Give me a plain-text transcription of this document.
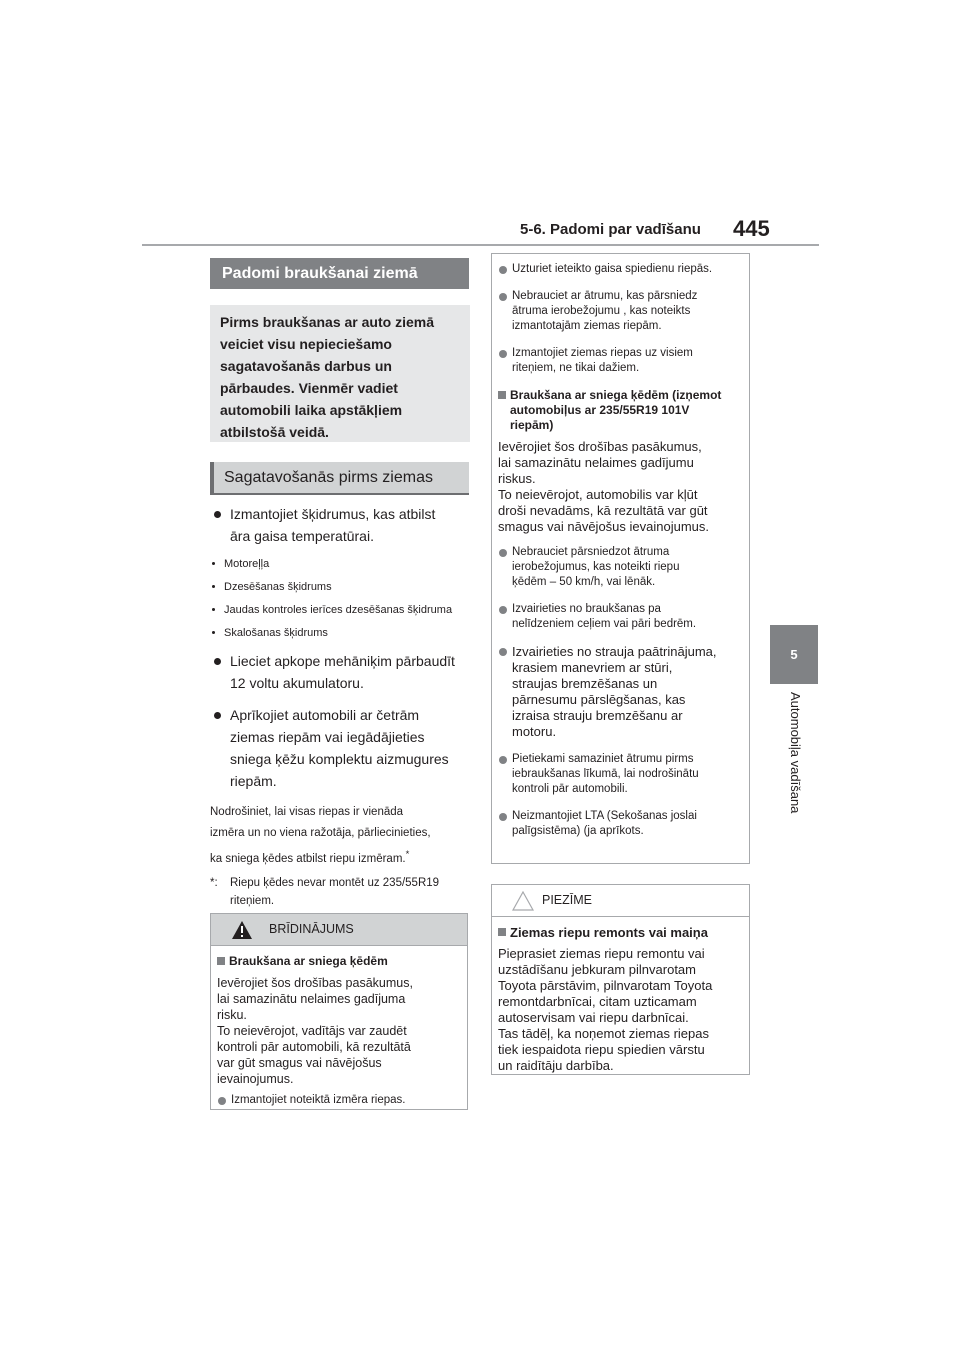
5-6. Padomi par vadīšanu 445
5
Automobiļa vadīšana
Padomi braukšanai ziemā

Pirms braukšanas ar auto ziemā

veiciet visu nepieciešamo

sagatavošanās darbus un

pārbaudes. Vienmēr vadiet

automobili laika apstākļiem

atbilstošā veidā.

Sagatavošanās pirms ziemas
Izmantojiet šķidrumus, kas atbilst
āra gaisa temperatūrai.
Motoreļļa
Dzesēšanas šķidrums
Jaudas kontroles ierīces dzesēšanas šķidruma
Skalošanas šķidrums
Lieciet apkope mehāniķim pārbaudīt
12 voltu akumulatoru.
Aprīkojiet automobili ar četrām
ziemas riepām vai iegādājieties
sniega ķēžu komplektu aizmugures
riepām.

Nodrošiniet, lai visas riepas ir vienāda

izmēra un no viena ražotāja, pārliecinieties,

ka sniega ķēdes atbilst riepu izmēram.*

*:	Riepu ķēdes nevar montēt uz 235/55R19
riteņiem.
BRĪDINĀJUMS
Braukšana ar sniega ķēdēm

Ievērojiet šos drošības pasākumus,
lai samazinātu nelaimes gadījuma
risku.
To neievērojot, vadītājs var zaudēt
kontroli pār automobili, kā rezultātā
var gūt smagus vai nāvējošus
ievainojumus.

Izmantojiet noteiktā izmēra riepas.
Uzturiet ieteikto gaisa spiedienu riepās.
Nebrauciet ar ātrumu, kas pārsniedz
ātruma ierobežojumu , kas noteikts
izmantotajām ziemas riepām.
Izmantojiet ziemas riepas uz visiem
riteņiem, ne tikai dažiem.
Braukšana ar sniega ķēdēm (izņemot
automobiļus ar 235/55R19 101V
riepām)

Ievērojiet šos drošības pasākumus,
lai samazinātu nelaimes gadījumu
riskus.
To neievērojot, automobilis var kļūt
droši nevadāms, kā rezultātā var gūt
smagus vai nāvējošus ievainojumus.

Nebrauciet pārsniedzot ātruma
ierobežojumus, kas noteikti riepu
ķēdēm – 50 km/h, vai lēnāk.
Izvairieties no braukšanas pa
nelīdzeniem ceļiem vai pāri bedrēm.
Izvairieties no strauja paātrinājuma,
krasiem manevriem ar stūri,
straujas bremzēšanas un
pārnesumu pārslēgšanas, kas
izraisa strauju bremzēšanu ar
motoru.
Pietiekami samaziniet ātrumu pirms
iebraukšanas līkumā, lai nodrošinātu
kontroli pār automobili.
Neizmantojiet LTA (Sekošanas joslai
palīgsistēma) (ja aprīkots.
PIEZĪME
Ziemas riepu remonts vai maiņa

Pieprasiet ziemas riepu remontu vai
uzstādīšanu jebkuram pilnvarotam
Toyota pārstāvim, pilnvarotam Toyota
remontdarbnīcai, citam uzticamam
autoservisam vai riepu darbnīcai.
Tas tādēļ, ka noņemot ziemas riepas
tiek iespaidota riepu spiedien vārstu
un raidītāju darbība.
